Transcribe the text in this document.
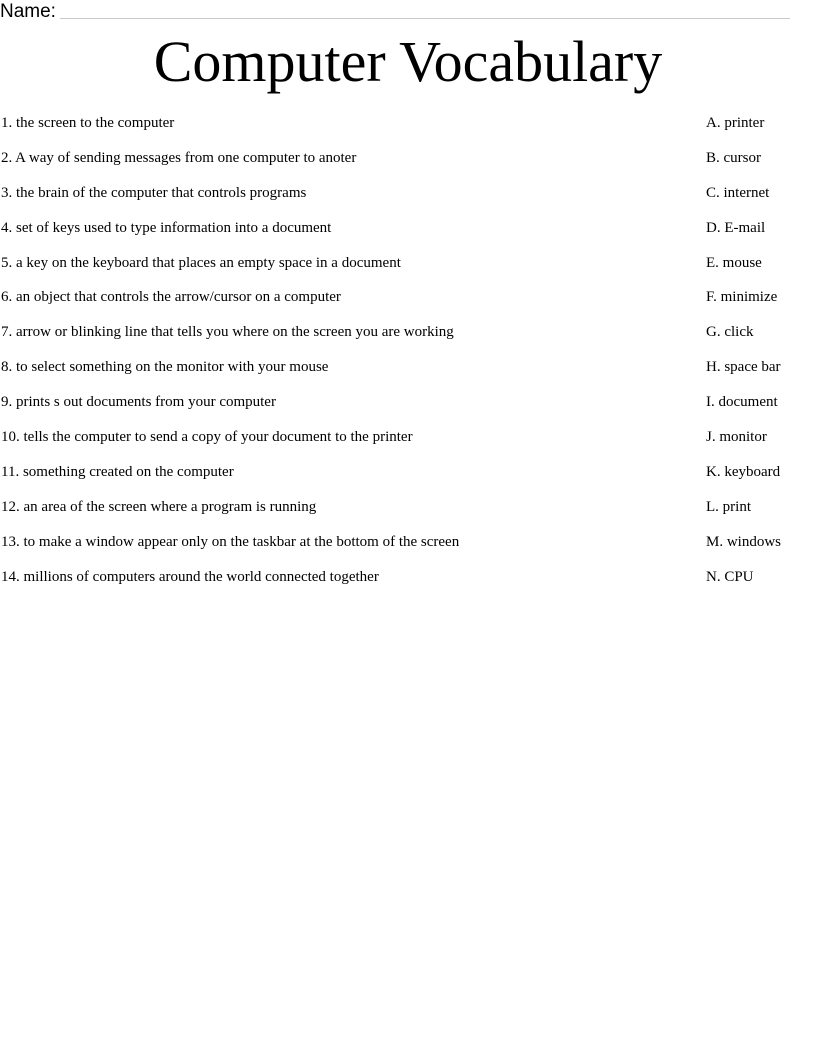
Name:
Computer Vocabulary
1. the screen to the computer	A. printer
2. A way of sending messages from one computer to anoter	B. cursor
3. the brain of the computer that controls programs	C. internet
4. set of keys used to type information into a document	D. E-mail
5. a key on the keyboard that places an empty space in a document	E. mouse
6. an object that controls the arrow/cursor on a computer	F. minimize
7. arrow or blinking line that tells you where on the screen you are working	G. click
8. to select something on the monitor with your mouse	H. space bar
9. prints s out documents from your computer	I. document
10. tells the computer to send a copy of your document to the printer	J. monitor
11. something created on the computer	K. keyboard
12. an area of the screen where a program is running	L. print
13. to make a window appear only on the taskbar at the bottom of the screen	M. windows
14. millions of computers around the world connected together	N. CPU
